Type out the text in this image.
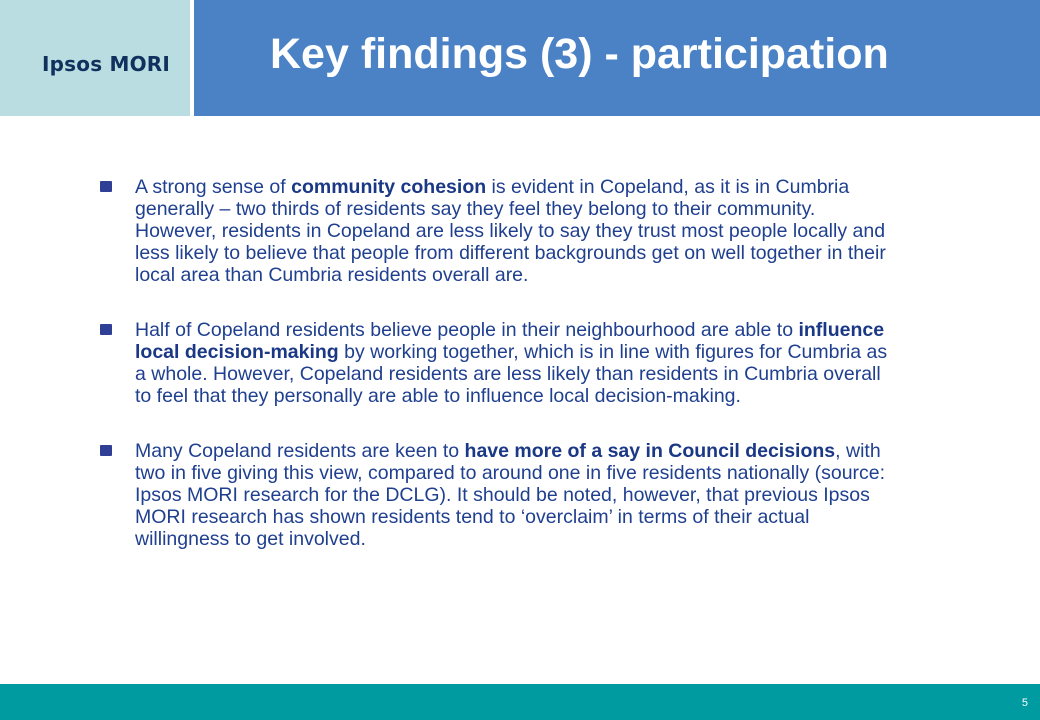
Ipsos MORI Key findings (3) - participation

A strong sense of community cohesion is evident in Copeland, as it is in Cumbria generally – two thirds of residents say they feel they belong to their community. However, residents in Copeland are less likely to say they trust most people locally and less likely to believe that people from different backgrounds get on well together in their local area than Cumbria residents overall are.

Half of Copeland residents believe people in their neighbourhood are able to influence local decision-making by working together, which is in line with figures for Cumbria as a whole. However, Copeland residents are less likely than residents in Cumbria overall to feel that they personally are able to influence local decision-making.

Many Copeland residents are keen to have more of a say in Council decisions, with two in five giving this view, compared to around one in five residents nationally (source: Ipsos MORI research for the DCLG). It should be noted, however, that previous Ipsos MORI research has shown residents tend to ‘overclaim’ in terms of their actual willingness to get involved.

5
